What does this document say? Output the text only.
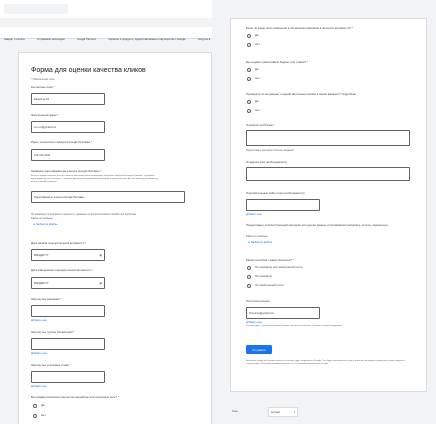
Аккаунт и оплата	Устранение неполадок	Google Partners	Сервисы и продукты, предоставляемые в партнерстве с Google	Ресурсы в
Форма для оценки качества кликов
* Обязательное поле
Контактное лицо *
Ekaterina XX
Электронный адрес *
c•••••••@gmail.com
Идент. клиентского аккаунта Google Рекламы *
123-123-1234
Название идентификатора клиента Google Рекламы *
Если вы предоставляете доступ к клиентским аккаунтам и используете несколько аккаунтов Google Рекламы, то укажите идентификатор того аккаунта, в котором произошел предполагаемый недействительный клик. Вот как найти идентификатор клиента Google Рекламы.
Идентификатор клиента Google Рекламы
По возможности прикрепите скриншот с данными, на которой возникла ошибка или проблема.
Файлы не выбраны
⊕ Выберите файлы
Дата начала подозрительной активности *
ММ/ДД/ГГГГ	▦
Дата завершения подозрительной активности *
ММ/ДД/ГГГГ	▦
Затронутые кампании *
Добавить еще
Затронутые группы объявлений *
Добавить еще
Затронутые ключевые слова *
Добавить еще
Вы недавно включали контекстно-медийную или поисковую сеть? *
Да
Нет
Были ли какие-либо изменения в объявлении кампании в процессе активности? *
Да
Нет
Вы недавно увеличивали бюджет или ставки? *
Да
Нет
Проверяли ли вы данные о недействительных кликах в своем аккаунте? Подробнее
Да
Нет
Описание проблемы *
Предоставьте как можно больше сведений
IP-адреса (при необходимости)
Подозрительные сайты (при необходимости)
Добавить еще
Предоставьте соответствующий материал или другие данные отслеживания (например, отчеты, скриншоты)
Файлы не выбраны
⊕ Выберите файлы
Каким способом с вами связаться? *
По телефону или электронной почте
По телефону
По электронной почте
Получатели копии
firstname@gmail.com
Добавить еще
Укажите адрес, на который отправить копию электронного письма с ответом от службы поддержки.
Отправить
Некоторые сведения о вашем аккаунте и системе будут отправлены в Google. Они будут использоваться для устранения неполадок и улучшения наших сервисов в соответствии с Политикой конфиденциальности и Условиями использования Google.
Язык	русский	▾
